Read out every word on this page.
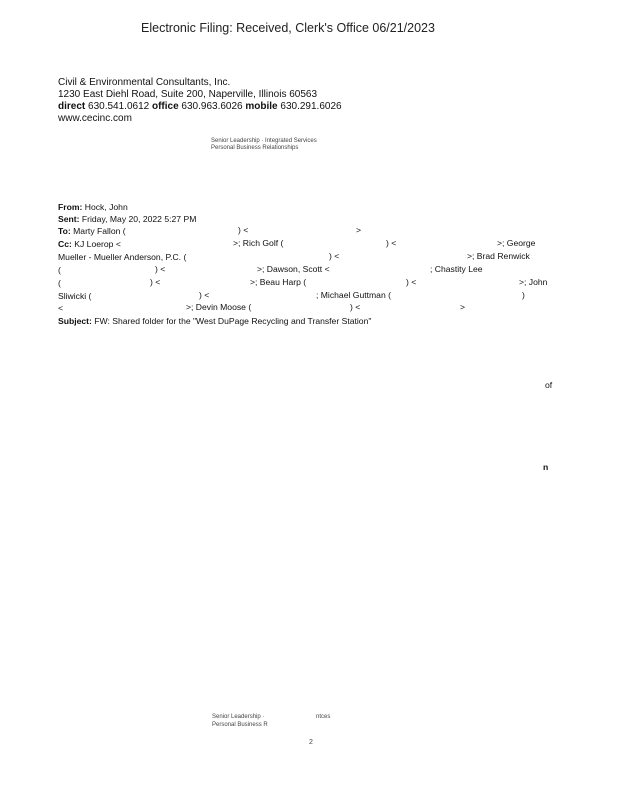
Electronic Filing: Received, Clerk's Office 06/21/2023
Civil & Environmental Consultants, Inc.
1230 East Diehl Road, Suite 200, Naperville, Illinois 60563
direct 630.541.0612 office 630.963.6026 mobile 630.291.6026
www.cecinc.com
Senior Leadership · Integrated Services
Personal Business Relationships
From: Hock, John
Sent: Friday, May 20, 2022 5:27 PM
To: Marty Fallon (	) <	>
Cc: KJ Loerop <	>; Rich Golf (	) <	>; George
Mueller - Mueller Anderson, P.C. (	) <	>; Brad Renwick
(	) <	>; Dawson, Scott <	; Chastity Lee
(	) <	>; Beau Harp (	) <	>; John
Sliwicki (	) <	; Michael Guttman (	)
<	>; Devin Moose (	) <	>
Subject: FW: Shared folder for the "West DuPage Recycling and Transfer Station"
of
n
Senior Leadership ·	ntces
Personal Business R
2
